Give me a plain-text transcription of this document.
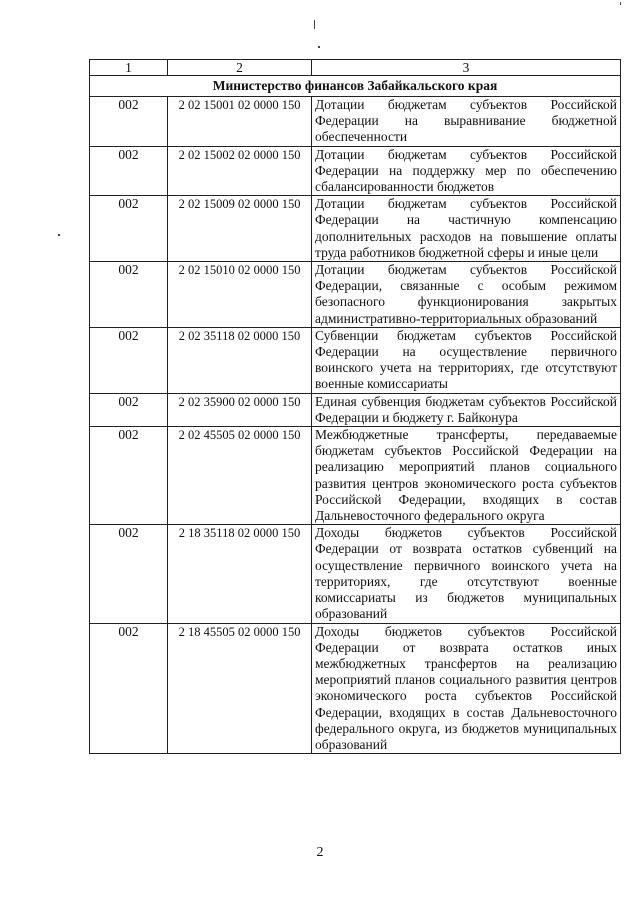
1	2	3
Министерство финансов Забайкальского края		
002	2 02 15001 02 0000 150	Дотации бюджетам субъектов Российской Федерации на выравнивание бюджетной обеспеченности
002	2 02 15002 02 0000 150	Дотации бюджетам субъектов Российской Федерации на поддержку мер по обеспечению сбалансированности бюджетов
002	2 02 15009 02 0000 150	Дотации бюджетам субъектов Российской Федерации на частичную компенсацию дополнительных расходов на повышение оплаты труда работников бюджетной сферы и иные цели
002	2 02 15010 02 0000 150	Дотации бюджетам субъектов Российской Федерации, связанные с особым режимом безопасного функционирования закрытых административно-территориальных образований
002	2 02 35118 02 0000 150	Субвенции бюджетам субъектов Российской Федерации на осуществление первичного воинского учета на территориях, где отсутствуют военные комиссариаты
002	2 02 35900 02 0000 150	Единая субвенция бюджетам субъектов Российской Федерации и бюджету г. Байконура
002	2 02 45505 02 0000 150	Межбюджетные трансферты, передаваемые бюджетам субъектов Российской Федерации на реализацию мероприятий планов социального развития центров экономического роста субъектов Российской Федерации, входящих в состав Дальневосточного федерального округа
002	2 18 35118 02 0000 150	Доходы бюджетов субъектов Российской Федерации от возврата остатков субвенций на осуществление первичного воинского учета на территориях, где отсутствуют военные комиссариаты из бюджетов муниципальных образований
002	2 18 45505 02 0000 150	Доходы бюджетов субъектов Российской Федерации от возврата остатков иных межбюджетных трансфертов на реализацию мероприятий планов социального развития центров экономического роста субъектов Российской Федерации, входящих в состав Дальневосточного федерального округа, из бюджетов муниципальных образований
2
